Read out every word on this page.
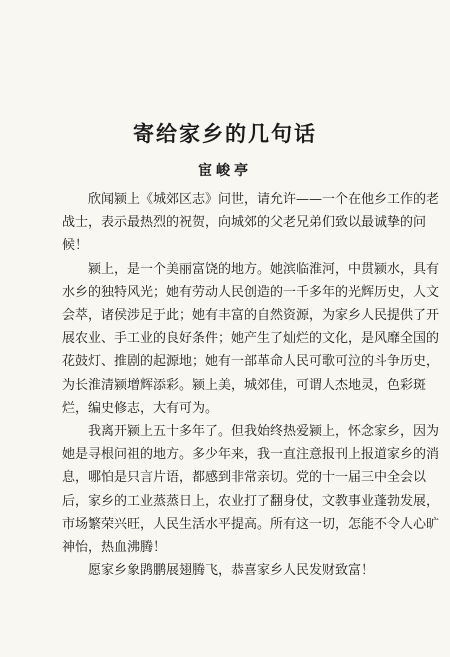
寄给家乡的几句话
宦峻亭

欣闻颍上《城郊区志》问世，请允许——一个在他乡工作的老
战士，表示最热烈的祝贺，向城郊的父老兄弟们致以最诚挚的问
候！

颍上，是一个美丽富饶的地方。她滨临淮河，中贯颍水，具有
水乡的独特风光；她有劳动人民创造的一千多年的光辉历史，人文
会萃，诸侯涉足于此；她有丰富的自然资源，为家乡人民提供了开
展农业、手工业的良好条件；她产生了灿烂的文化，是风靡全国的
花鼓灯、推剧的起源地；她有一部革命人民可歌可泣的斗争历史，
为长淮清颍增辉添彩。颍上美，城郊佳，可谓人杰地灵，色彩斑
烂，编史修志，大有可为。

我离开颍上五十多年了。但我始终热爱颍上，怀念家乡，因为
她是寻根问祖的地方。多少年来，我一直注意报刊上报道家乡的消
息，哪怕是只言片语，都感到非常亲切。党的十一届三中全会以
后，家乡的工业蒸蒸日上，农业打了翻身仗，文教事业蓬勃发展，
市场繁荣兴旺，人民生活水平提高。所有这一切，怎能不令人心旷
神怡，热血沸腾！

愿家乡象鹍鹏展翅腾飞，恭喜家乡人民发财致富！
